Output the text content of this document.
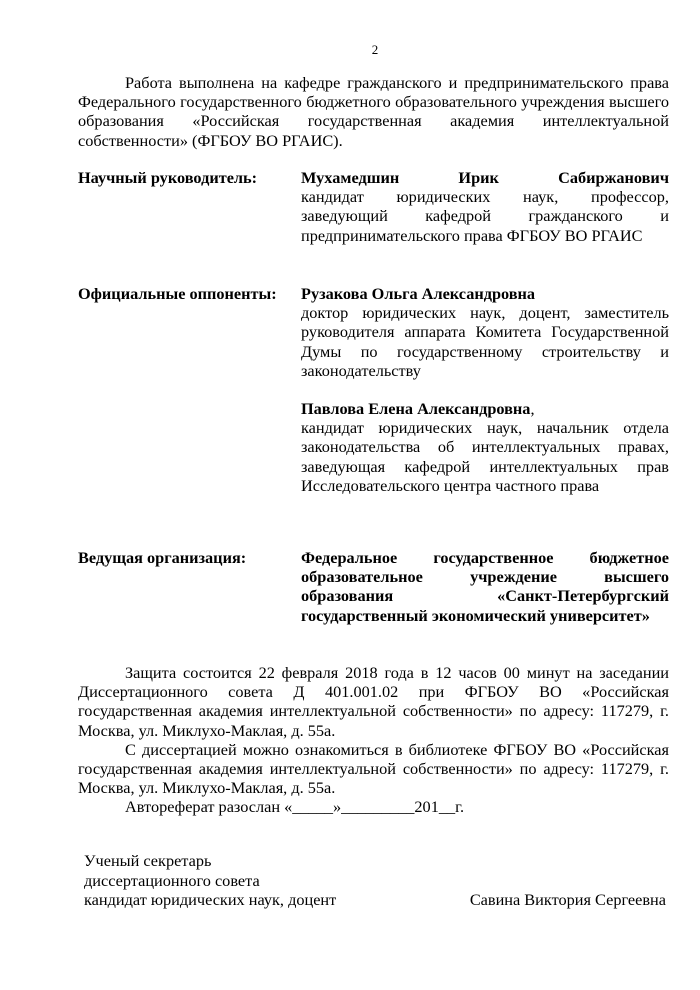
2

Работа выполнена на кафедре гражданского и предпринимательского права Федерального государственного бюджетного образовательного учреждения высшего образования «Российская государственная академия интеллектуальной собственности» (ФГБОУ ВО РГАИС).

Научный руководитель:	Мухамедшин Ирик Сабиржанович
кандидат юридических наук, профессор, заведующий кафедрой гражданского и предпринимательского права ФГБОУ ВО РГАИС
Официальные оппоненты:	Рузакова Ольга Александровна
доктор юридических наук, доцент, заместитель руководителя аппарата Комитета Государственной Думы по государственному строительству и законодательству
Павлова Елена Александровна,
кандидат юридических наук, начальник отдела законодательства об интеллектуальных правах, заведующая кафедрой интеллектуальных прав Исследовательского центра частного права
Ведущая организация:	Федеральное государственное бюджетное образовательное учреждение высшего образования «Санкт-Петербургский государственный экономический университет»

Защита состоится 22 февраля 2018 года в 12 часов 00 минут на заседании Диссертационного совета Д 401.001.02 при ФГБОУ ВО «Российская государственная академия интеллектуальной собственности» по адресу: 117279, г. Москва, ул. Миклухо-Маклая, д. 55а.

С диссертацией можно ознакомиться в библиотеке ФГБОУ ВО «Российская государственная академия интеллектуальной собственности» по адресу: 117279, г. Москва, ул. Миклухо-Маклая, д. 55а.

Автореферат разослан «_____»_________201__г.

Ученый секретарь
диссертационного совета
кандидат юридических наук, доцент	Савина Виктория Сергеевна
